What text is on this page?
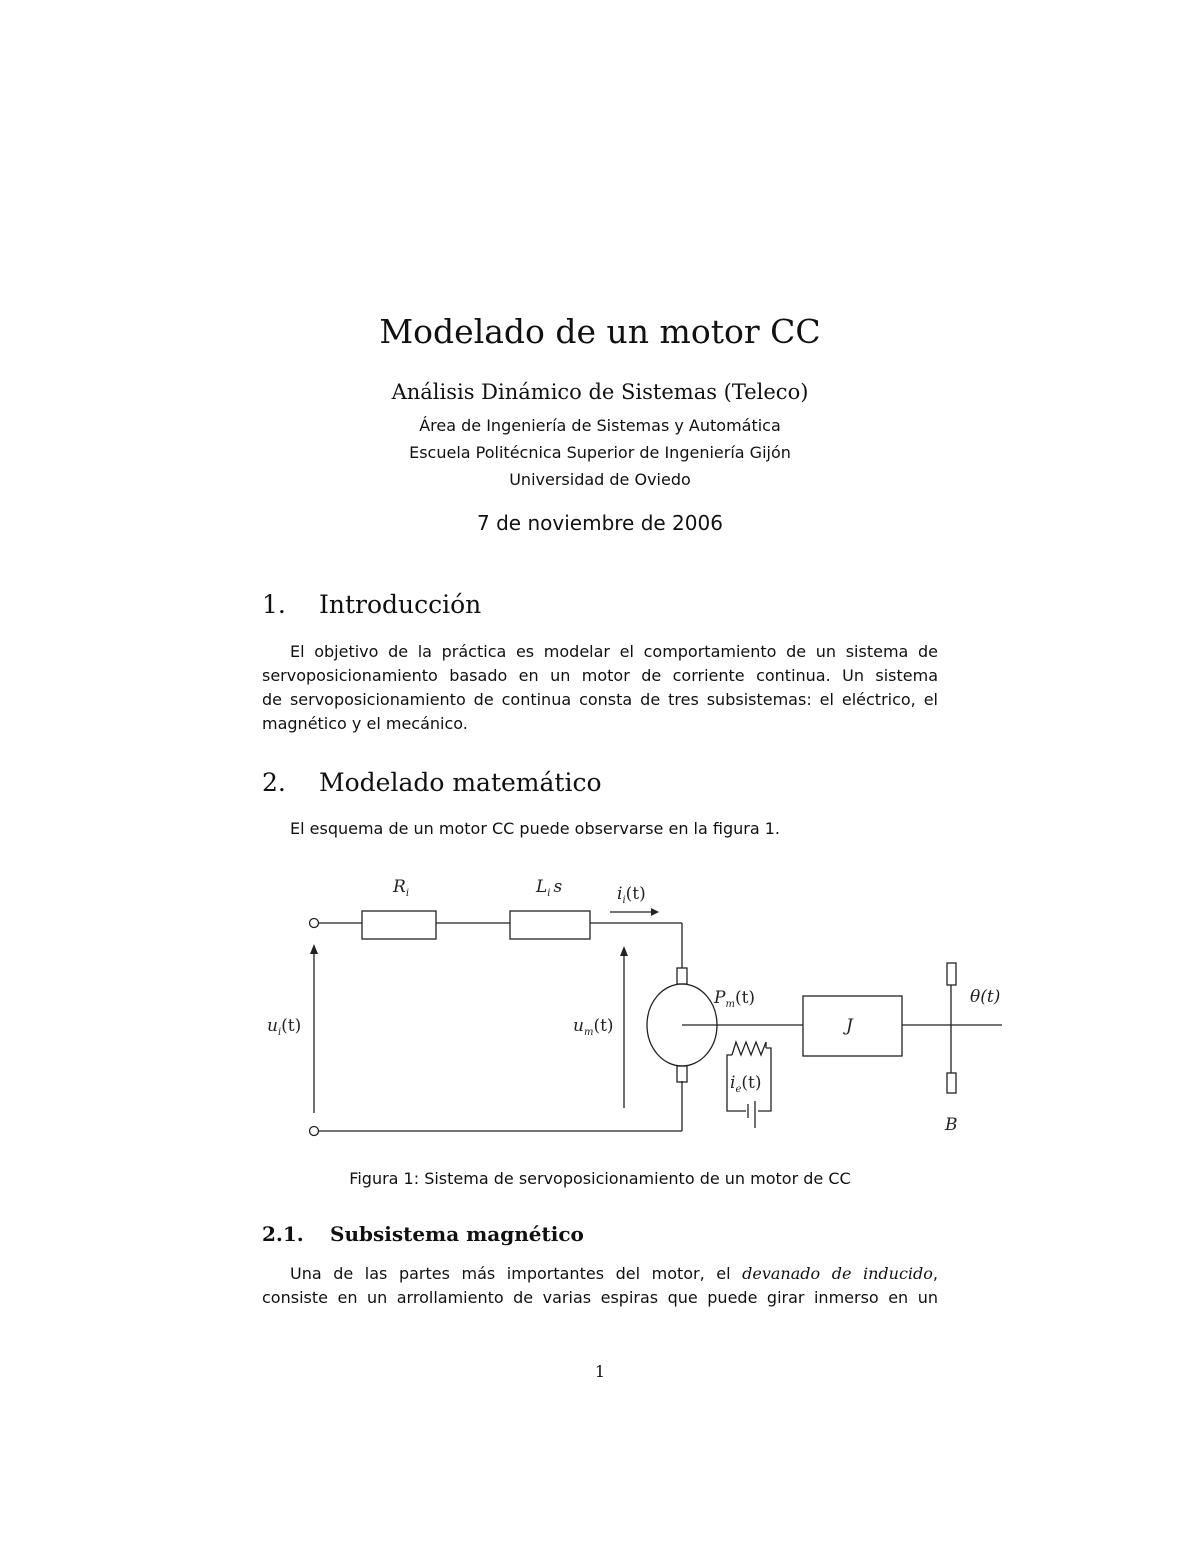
Modelado de un motor CC
Análisis Dinámico de Sistemas (Teleco)
Área de Ingeniería de Sistemas y Automática
Escuela Politécnica Superior de Ingeniería Gijón
Universidad de Oviedo
7 de noviembre de 2006
1. Introducción
El objetivo de la práctica es modelar el comportamiento de un sistema de
servoposicionamiento basado en un motor de corriente continua. Un sistema
de servoposicionamiento de continua consta de tres subsistemas: el eléctrico, el
magnético y el mecánico.
2. Modelado matemático
El esquema de un motor CC puede observarse en la figura 1.
$R_i$	$L_i$ s	$i_i(t)$
$u_i(t)$	$u_m(t)$
$P_m(t)$
$i_e(t)$
J
θ(t)
B
Figura 1: Sistema de servoposicionamiento de un motor de CC
2.1. Subsistema magnético
Una de las partes más importantes del motor, el devanado de inducido,
consiste en un arrollamiento de varias espiras que puede girar inmerso en un
1
